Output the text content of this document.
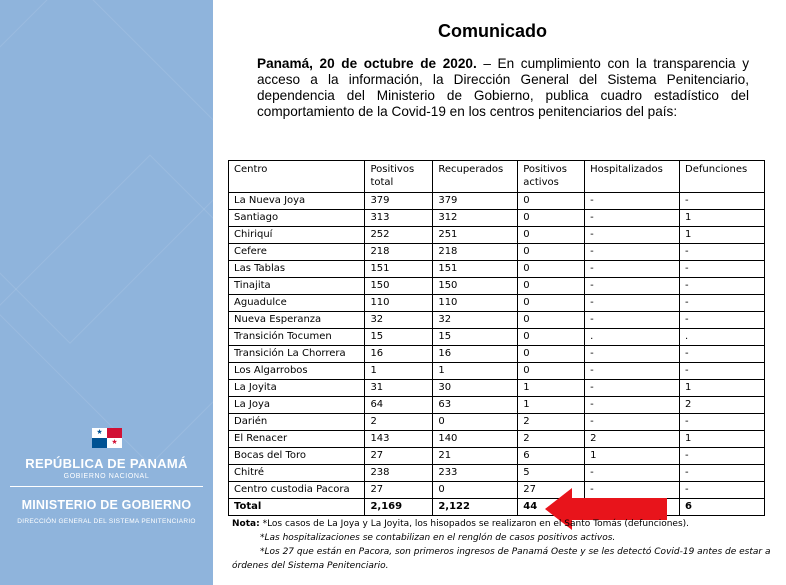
★
★
REPÚBLICA DE PANAMÁ
GOBIERNO NACIONAL
MINISTERIO DE GOBIERNO
DIRECCIÓN GENERAL DEL SISTEMA PENITENCIARIO
Comunicado

Panamá, 20 de octubre de 2020. – En cumplimiento con la transparencia y acceso a la información, la Dirección General del Sistema Penitenciario, dependencia del Ministerio de Gobierno, publica cuadro estadístico del comportamiento de la Covid-19 en los centros penitenciarios del país:

Centro	Positivos total	Recuperados	Positivos activos	Hospitalizados	Defunciones
La Nueva Joya	379	379	0	-	-
Santiago	313	312	0	-	1
Chiriquí	252	251	0	-	1
Cefere	218	218	0	-	-
Las Tablas	151	151	0	-	-
Tinajita	150	150	0	-	-
Aguadulce	110	110	0	-	-
Nueva Esperanza	32	32	0	-	-
Transición Tocumen	15	15	0	.	.
Transición La Chorrera	16	16	0	-	-
Los Algarrobos	1	1	0	-	-
La Joyita	31	30	1	-	1
La Joya	64	63	1	-	2
Darién	2	0	2	-	-
El Renacer	143	140	2	2	1
Bocas del Toro	27	21	6	1	-
Chitré	238	233	5	-	-
Centro custodia Pacora	27	0	27	-	-
Total	2,169	2,122	44		6
Nota: *Los casos de La Joya y La Joyita, los hisopados se realizaron en el Santo Tomás (defunciones).
*Las hospitalizaciones se contabilizan en el renglón de casos positivos activos.
*Los 27 que están en Pacora, son primeros ingresos de Panamá Oeste y se les detectó Covid-19 antes de estar a órdenes del Sistema Penitenciario.
